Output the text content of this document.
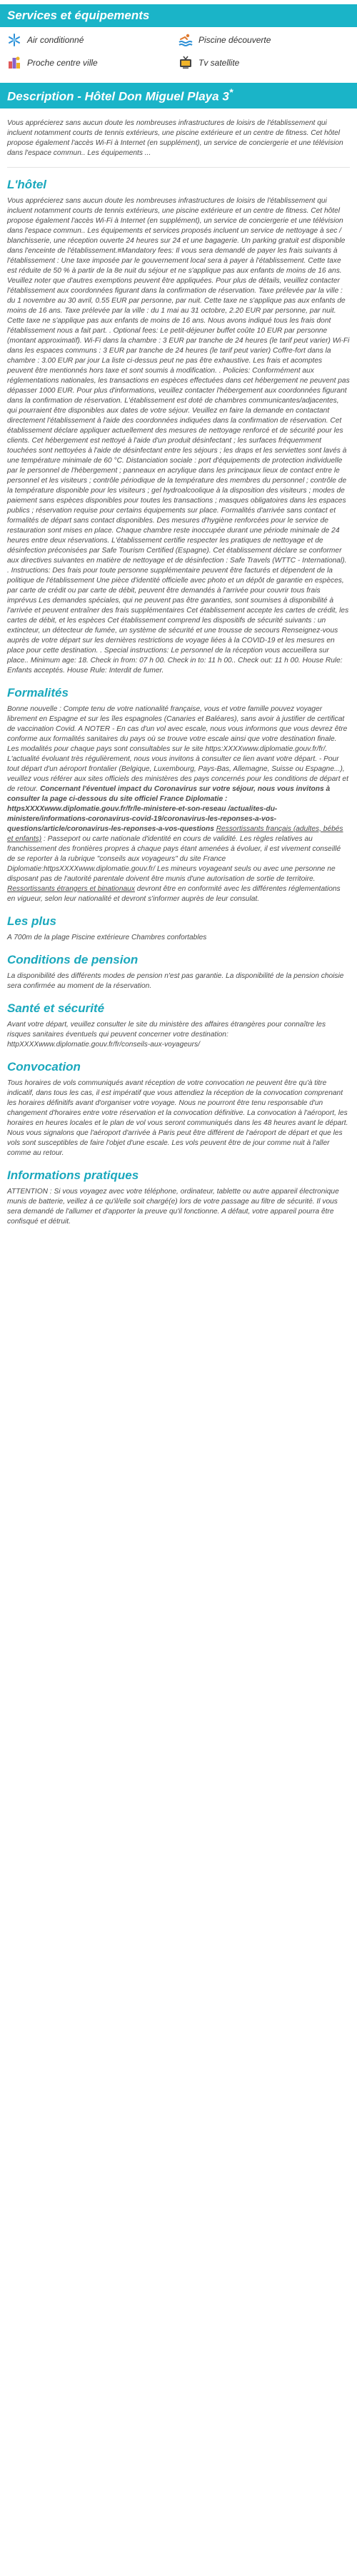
Services et équipements
Air conditionné	Piscine découverte
Proche centre ville	Tv satellite
Description - Hôtel Don Miguel Playa 3*

Vous apprécierez sans aucun doute les nombreuses infrastructures de loisirs de l'établissement qui incluent notamment courts de tennis extérieurs, une piscine extérieure et un centre de fitness. Cet hôtel propose également l'accès Wi-Fi à Internet (en supplément), un service de conciergerie et une télévision dans l'espace commun.. Les équipements ...

L'hôtel

Vous apprécierez sans aucun doute les nombreuses infrastructures de loisirs de l'établissement qui incluent notamment courts de tennis extérieurs, une piscine extérieure et un centre de fitness. Cet hôtel propose également l'accès Wi-Fi à Internet (en supplément), un service de conciergerie et une télévision dans l'espace commun.. Les équipements et services proposés incluent un service de nettoyage à sec / blanchisserie, une réception ouverte 24 heures sur 24 et une bagagerie. Un parking gratuit est disponible dans l'enceinte de l'établissement.#Mandatory fees: Il vous sera demandé de payer les frais suivants à l'établissement : Une taxe imposée par le gouvernement local sera à payer à l'établissement. Cette taxe est réduite de 50 % à partir de la 8e nuit du séjour et ne s'applique pas aux enfants de moins de 16 ans. Veuillez noter que d'autres exemptions peuvent être appliquées. Pour plus de détails, veuillez contacter l'établissement aux coordonnées figurant dans la confirmation de réservation. Taxe prélevée par la ville : du 1 novembre au 30 avril, 0.55 EUR par personne, par nuit. Cette taxe ne s'applique pas aux enfants de moins de 16 ans. Taxe prélevée par la ville : du 1 mai au 31 octobre, 2.20 EUR par personne, par nuit. Cette taxe ne s'applique pas aux enfants de moins de 16 ans. Nous avons indiqué tous les frais dont l'établissement nous a fait part. . Optional fees: Le petit-déjeuner buffet coûte 10 EUR par personne (montant approximatif). Wi-Fi dans la chambre : 3 EUR par tranche de 24 heures (le tarif peut varier) Wi-Fi dans les espaces communs : 3 EUR par tranche de 24 heures (le tarif peut varier) Coffre-fort dans la chambre : 3.00 EUR par jour La liste ci-dessus peut ne pas être exhaustive. Les frais et acomptes peuvent être mentionnés hors taxe et sont soumis à modification. . Policies: Conformément aux réglementations nationales, les transactions en espèces effectuées dans cet hébergement ne peuvent pas dépasser 1000 EUR. Pour plus d'informations, veuillez contacter l'hébergement aux coordonnées figurant dans la confirmation de réservation. L'établissement est doté de chambres communicantes/adjacentes, qui pourraient être disponibles aux dates de votre séjour. Veuillez en faire la demande en contactant directement l'établissement à l'aide des coordonnées indiquées dans la confirmation de réservation. Cet établissement déclare appliquer actuellement des mesures de nettoyage renforcé et de sécurité pour les clients. Cet hébergement est nettoyé à l'aide d'un produit désinfectant ; les surfaces fréquemment touchées sont nettoyées à l'aide de désinfectant entre les séjours ; les draps et les serviettes sont lavés à une température minimale de 60 °C. Distanciation sociale : port d'équipements de protection individuelle par le personnel de l'hébergement ; panneaux en acrylique dans les principaux lieux de contact entre le personnel et les visiteurs ; contrôle périodique de la température des membres du personnel ; contrôle de la température disponible pour les visiteurs ; gel hydroalcoolique à la disposition des visiteurs ; modes de paiement sans espèces disponibles pour toutes les transactions ; masques obligatoires dans les espaces publics ; réservation requise pour certains équipements sur place. Formalités d'arrivée sans contact et formalités de départ sans contact disponibles. Des mesures d'hygiène renforcées pour le service de restauration sont mises en place. Chaque chambre reste inoccupée durant une période minimale de 24 heures entre deux réservations. L'établissement certifie respecter les pratiques de nettoyage et de désinfection préconisées par Safe Tourism Certified (Espagne). Cet établissement déclare se conformer aux directives suivantes en matière de nettoyage et de désinfection : Safe Travels (WTTC - International). . Instructions: Des frais pour toute personne supplémentaire peuvent être facturés et dépendent de la politique de l'établissement Une pièce d'identité officielle avec photo et un dépôt de garantie en espèces, par carte de crédit ou par carte de débit, peuvent être demandés à l'arrivée pour couvrir tous frais imprévus Les demandes spéciales, qui ne peuvent pas être garanties, sont soumises à disponibilité à l'arrivée et peuvent entraîner des frais supplémentaires Cet établissement accepte les cartes de crédit, les cartes de débit, et les espèces Cet établissement comprend les dispositifs de sécurité suivants : un extincteur, un détecteur de fumée, un système de sécurité et une trousse de secours Renseignez-vous auprès de votre départ sur les dernières restrictions de voyage liées à la COVID-19 et les mesures en place pour cette destination. . Special instructions: Le personnel de la réception vous accueillera sur place.. Minimum age: 18. Check in from: 07 h 00. Check in to: 11 h 00.. Check out: 11 h 00. House Rule: Enfants acceptés. House Rule: Interdit de fumer.

Formalités

Bonne nouvelle : Compte tenu de votre nationalité française, vous et votre famille pouvez voyager librement en Espagne et sur les îles espagnoles (Canaries et Baléares), sans avoir à justifier de certificat de vaccination Covid. A NOTER - En cas d'un vol avec escale, nous vous informons que vous devrez être conforme aux formalités sanitaires du pays où se trouve votre escale ainsi que votre destination finale. Les modalités pour chaque pays sont consultables sur le site https:XXXXwww.diplomatie.gouv.fr/fr/. L'actualité évoluant très régulièrement, nous vous invitons à consulter ce lien avant votre départ. - Pour tout départ d'un aéroport frontalier (Belgique, Luxembourg, Pays-Bas, Allemagne, Suisse ou Espagne...), veuillez vous référer aux sites officiels des ministères des pays concernés pour les conditions de départ et de retour. Concernant l'éventuel impact du Coronavirus sur votre séjour, nous vous invitons à consulter la page ci-dessous du site officiel France Diplomatie : httpsXXXXwww.diplomatie.gouv.fr/fr/le-ministere-et-son-reseau /actualites-du-ministere/informations-coronavirus-covid-19/coronavirus-les-reponses-a-vos-questions/article/coronavirus-les-reponses-a-vos-questions Ressortissants français (adultes, bébés et enfants) : Passeport ou carte nationale d'identité en cours de validité. Les règles relatives au franchissement des frontières propres à chaque pays étant amenées à évoluer, il est vivement conseillé de se reporter à la rubrique "conseils aux voyageurs" du site France Diplomatie:httpsXXXXwww.diplomatie.gouv.fr/ Les mineurs voyageant seuls ou avec une personne ne disposant pas de l'autorité parentale doivent être munis d'une autorisation de sortie de territoire. Ressortissants étrangers et binationaux devront être en conformité avec les différentes réglementations en vigueur, selon leur nationalité et devront s'informer auprès de leur consulat.

Les plus

A 700m de la plage Piscine extérieure Chambres confortables

Conditions de pension

La disponibilité des différents modes de pension n'est pas garantie. La disponibilité de la pension choisie sera confirmée au moment de la réservation.

Santé et sécurité

Avant votre départ, veuillez consulter le site du ministère des affaires étrangères pour connaître les risques sanitaires éventuels qui peuvent concerner votre destination: httpXXXXwww.diplomatie.gouv.fr/fr/conseils-aux-voyageurs/

Convocation

Tous horaires de vols communiqués avant réception de votre convocation ne peuvent être qu'à titre indicatif, dans tous les cas, il est impératif que vous attendiez la réception de la convocation comprenant les horaires définitifs avant d'organiser votre voyage. Nous ne pourront être tenu responsable d'un changement d'horaires entre votre réservation et la convocation définitive. La convocation à l'aéroport, les horaires en heures locales et le plan de vol vous seront communiqués dans les 48 heures avant le départ. Nous vous signalons que l'aéroport d'arrivée à Paris peut être différent de l'aéroport de départ et que les vols sont susceptibles de faire l'objet d'une escale. Les vols peuvent être de jour comme nuit à l'aller comme au retour.

Informations pratiques

ATTENTION : Si vous voyagez avec votre téléphone, ordinateur, tablette ou autre appareil électronique munis de batterie, veillez à ce qu'il/elle soit chargé(e) lors de votre passage au filtre de sécurité. Il vous sera demandé de l'allumer et d'apporter la preuve qu'il fonctionne. A défaut, votre appareil pourra être confisqué et détruit.
